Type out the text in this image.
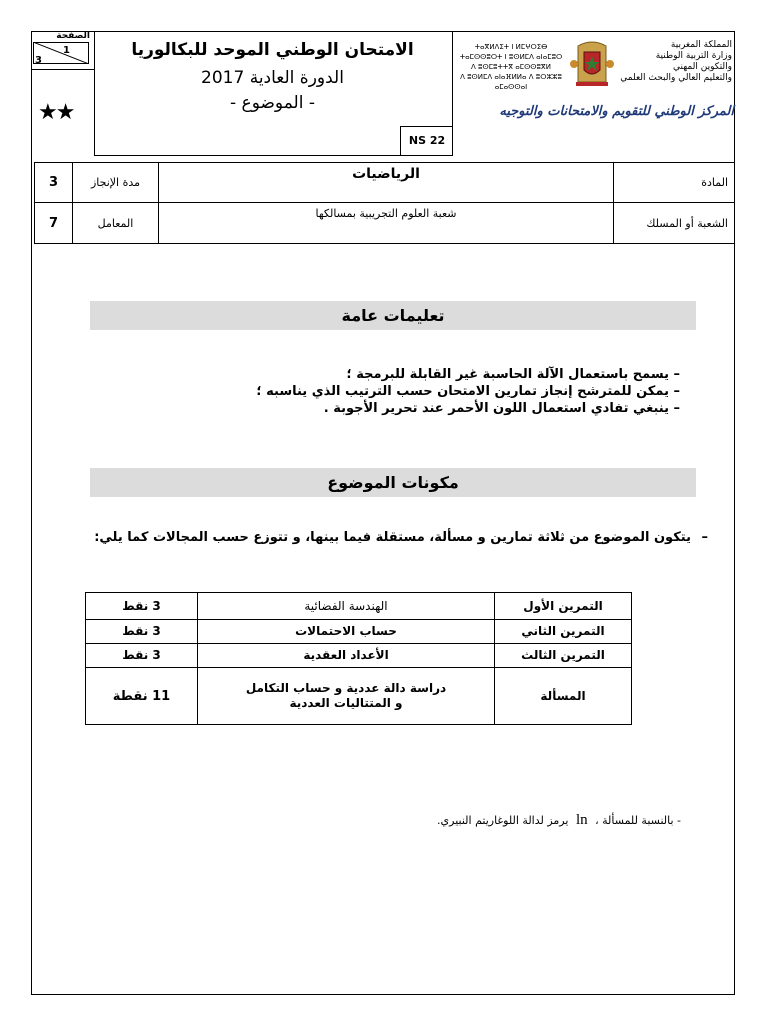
الصفحة
1
3
★★
الامتحان الوطني الموحد للبكالوريا
الدورة العادية 2017
- الموضوع -
NS 22
ⵜⴰⴳⵍⴷⵉⵜ ⵏ ⵍⵎⵖⵔⵉⴱ
ⵜⴰⵎⵙⵙⵓⵔⵜ ⵏ ⵓⵙⵍⵎⴷ ⴰⵏⴰⵎⵓⵔ
ⴷ ⵓⵙⵎⵓⵜⵜⴳ ⴰⵎⵙⵙⵓⴳⵍ
ⴷ ⵓⵙⵍⵎⴷ ⴰⵏⴰⴼⵍⵍⴰ ⴷ ⵓⵔⵣⵣⵓ ⴰⵎⴰⵙⵙⴰⵏ
المملكة المغربية
وزارة التربية الوطنية
والتكوين المهني
والتعليم العالي والبحث العلمي
المركز الوطني للتقويم والامتحانات والتوجيه
3	مدة الإنجاز	الرياضيات	المادة
7	المعامل	شعبة العلوم التجريبية بمسالكها	الشعبة أو المسلك
تعليمات عامة
– يسمح باستعمال الآلة الحاسبة غير القابلة للبرمجة ؛
– يمكن للمترشح إنجاز تمارين الامتحان حسب الترتيب الذي يناسبه ؛
– ينبغي تفادي استعمال اللون الأحمر عند تحرير الأجوبة .
مكونات الموضوع
– يتكون الموضوع من ثلاثة تمارين و مسألة، مستقلة فيما بينها، و تتوزع حسب المجالات كما يلي:
التمرين الأول	الهندسة الفضائية	3 نقط
التمرين الثاني	حساب الاحتمالات	3 نقط
التمرين الثالث	الأعداد العقدية	3 نقط
المسألة	دراسة دالة عددية و حساب التكامل
و المتتاليات العددية	11 نقطة
- بالنسبة للمسألة ، ln يرمز لدالة اللوغاريتم النبيري.
